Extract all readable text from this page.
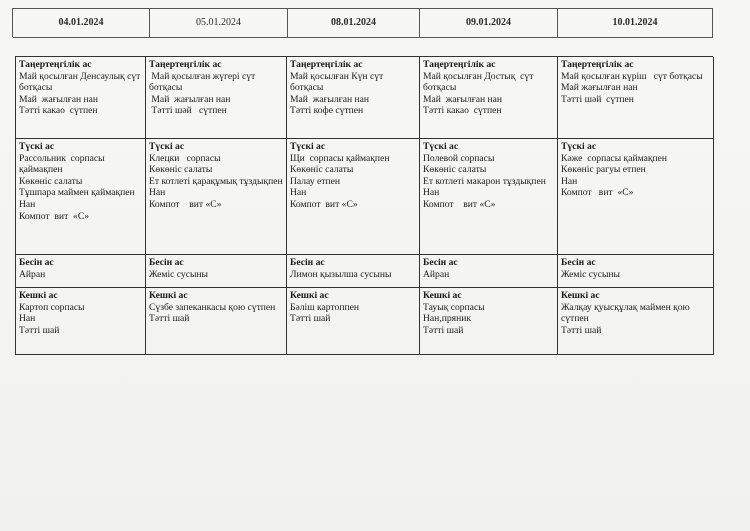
04.01.2024	05.01.2024	08.01.2024	09.01.2024	10.01.2024
Таңертеңгілік ас
Май қосылған Денсаулық сүт ботқасы
Май  жағылған нан
Тәтті какао  сүтпен
Таңертеңгілік ас
Май қосылған жүгері сүт ботқасы
Май  жағылған нан
Тәтті шәй   сүтпен
Таңертеңгілік ас
Май қосылған Күн сүт ботқасы
Май  жағылған нан
Тәтті кофе сүтпен
Таңертеңгілік ас
Май қосылған Достық  сүт ботқасы
Май  жағылған нан
Тәтті какао  сүтпен
Таңертеңгілік ас
Май қосылған күріш   сүт ботқасы
Май жағылған нан
Тәтті шәй  сүтпен
Түскі ас
Рассольник  сорпасы қаймақпен
Көкөніс салаты
Тұшпара маймен қаймақпен
Нан
Компот  вит  «С»
Түскі ас
Клецки   сорпасы
Көкөніс салаты
Ет котлеті қарақұмық тұздықпен
Нан
Компот    вит «С»
Түскі ас
Щи  сорпасы қаймақпен
Көкөніс салаты
Палау етпен
Нан
Компот  вит «С»
Түскі ас
Полевой сорпасы
Көкөніс салаты
Ет котлеті макарон тұздықпен
Нан
Компот    вит «С»
Түскі ас
Кәже  сорпасы қаймақпен
Көкөніс рагуы етпен
Нан
Компот   вит  «С»
Бесін ас
Айран
Бесін ас
Жеміс сусыны
Бесін ас
Лимон қызылша сусыны
Бесін ас
Айран
Бесін ас
Жеміс сусыны
Кешкі ас
Картоп сорпасы
Нан
Тәтті шай
Кешкі ас
Сүзбе запеканкасы қою сүтпен
Тәтті шай
Кешкі ас
Бәліш картоппен
Тәтті шай
Кешкі ас
Тауық сорпасы
Нан,пряник
Тәтті шай
Кешкі ас
Жалқау қуысқұлақ маймен қою сүтпен
Тәтті шай
